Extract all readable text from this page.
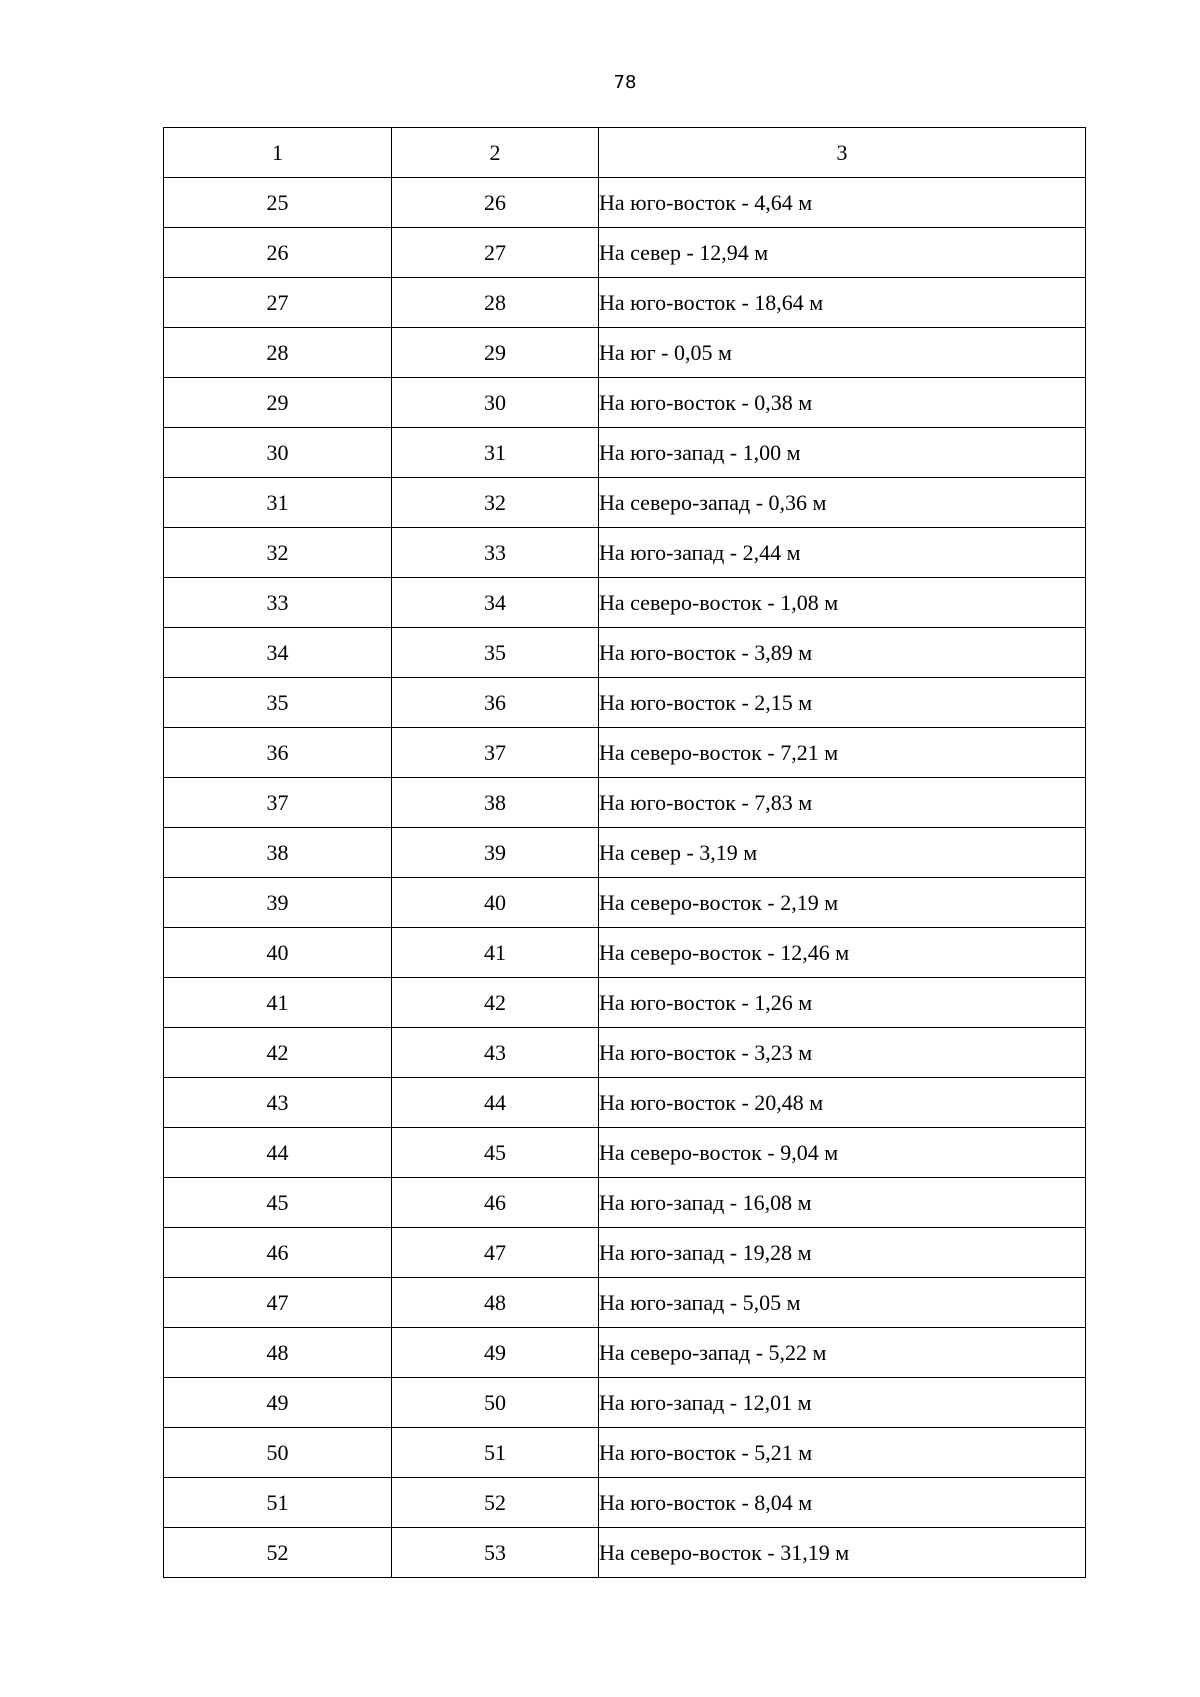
78
1	2	3
25	26	На юго-восток - 4,64 м
26	27	На север - 12,94 м
27	28	На юго-восток - 18,64 м
28	29	На юг - 0,05 м
29	30	На юго-восток - 0,38 м
30	31	На юго-запад - 1,00 м
31	32	На северо-запад - 0,36 м
32	33	На юго-запад - 2,44 м
33	34	На северо-восток - 1,08 м
34	35	На юго-восток - 3,89 м
35	36	На юго-восток - 2,15 м
36	37	На северо-восток - 7,21 м
37	38	На юго-восток - 7,83 м
38	39	На север - 3,19 м
39	40	На северо-восток - 2,19 м
40	41	На северо-восток - 12,46 м
41	42	На юго-восток - 1,26 м
42	43	На юго-восток - 3,23 м
43	44	На юго-восток - 20,48 м
44	45	На северо-восток - 9,04 м
45	46	На юго-запад - 16,08 м
46	47	На юго-запад - 19,28 м
47	48	На юго-запад - 5,05 м
48	49	На северо-запад - 5,22 м
49	50	На юго-запад - 12,01 м
50	51	На юго-восток - 5,21 м
51	52	На юго-восток - 8,04 м
52	53	На северо-восток - 31,19 м
